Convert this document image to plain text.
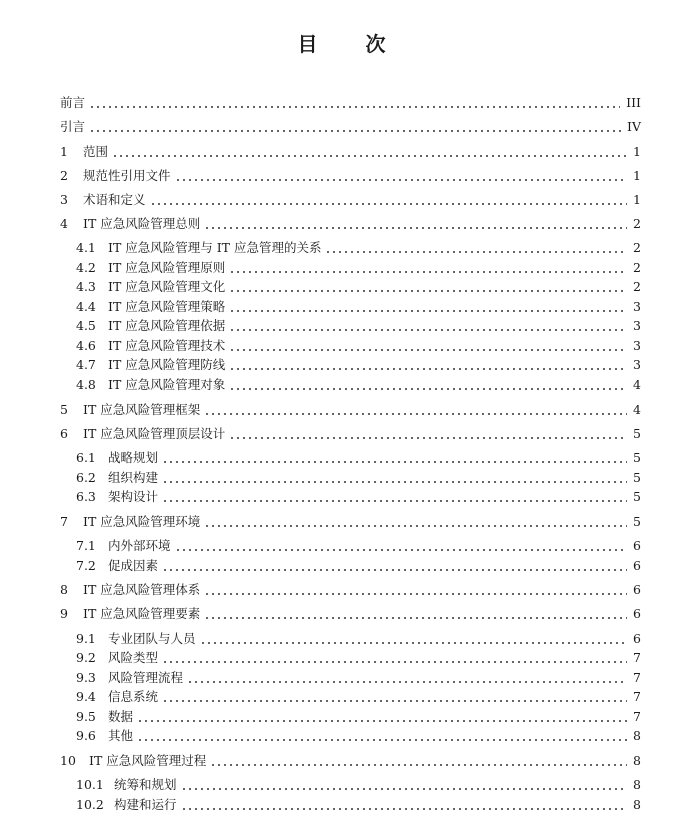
目　次
前言	III
引言	IV
1	范围	1
2	规范性引用文件	1
3	术语和定义	1
4	IT 应急风险管理总则	2
4.1 IT 应急风险管理与 IT 应急管理的关系	2
4.2 IT 应急风险管理原则	2
4.3 IT 应急风险管理文化	2
4.4 IT 应急风险管理策略	3
4.5 IT 应急风险管理依据	3
4.6 IT 应急风险管理技术	3
4.7 IT 应急风险管理防线	3
4.8 IT 应急风险管理对象	4
5	IT 应急风险管理框架	4
6	IT 应急风险管理顶层设计	5
6.1 战略规划	5
6.2 组织构建	5
6.3 架构设计	5
7	IT 应急风险管理环境	5
7.1 内外部环境	6
7.2 促成因素	6
8	IT 应急风险管理体系	6
9	IT 应急风险管理要素	6
9.1 专业团队与人员	6
9.2 风险类型	7
9.3 风险管理流程	7
9.4 信息系统	7
9.5 数据	7
9.6 其他	8
10	IT 应急风险管理过程	8
10.1 统筹和规划	8
10.2 构建和运行	8
